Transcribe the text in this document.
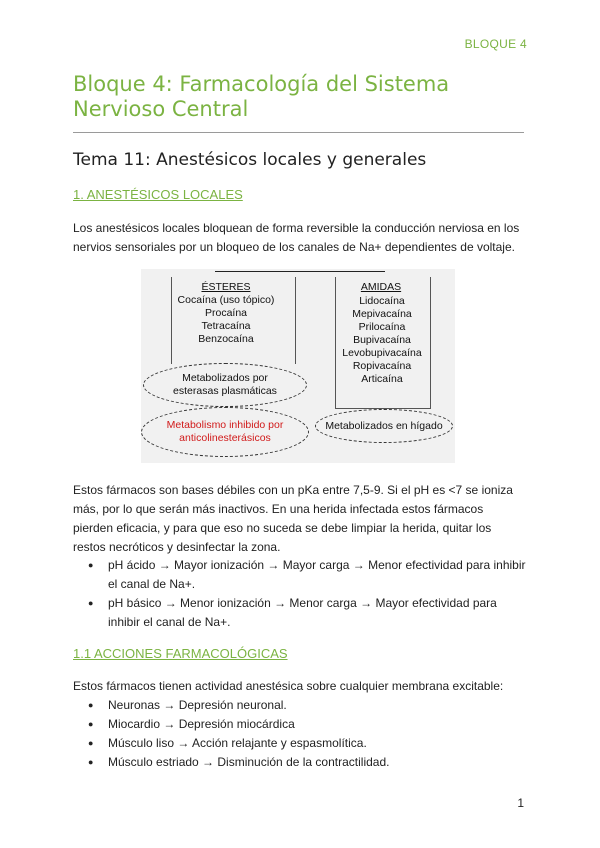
BLOQUE 4
Bloque 4: Farmacología del Sistema Nervioso Central
Tema 11: Anestésicos locales y generales
1. ANESTÉSICOS LOCALES

Los anestésicos locales bloquean de forma reversible la conducción nerviosa en los nervios sensoriales por un bloqueo de los canales de Na+ dependientes de voltaje.

ÉSTERES
Cocaína (uso tópico)
Procaína
Tetracaína
Benzocaína
AMIDAS
Lidocaína
Mepivacaína
Prilocaína
Bupivacaína
Levobupivacaína
Ropivacaína
Articaína
Metabolizados por esterasas plasmáticas
Metabolismo inhibido por anticolinesterásicos
Metabolizados en hígado

Estos fármacos son bases débiles con un pKa entre 7,5-9. Si el pH es <7 se ioniza más, por lo que serán más inactivos. En una herida infectada estos fármacos pierden eficacia, y para que eso no suceda se debe limpiar la herida, quitar los restos necróticos y desinfectar la zona.

● pH ácido → Mayor ionización → Mayor carga → Menor efectividad para inhibir el canal de Na+.
● pH básico → Menor ionización → Menor carga → Mayor efectividad para inhibir el canal de Na+.
1.1 ACCIONES FARMACOLÓGICAS

Estos fármacos tienen actividad anestésica sobre cualquier membrana excitable:

● Neuronas → Depresión neuronal.
● Miocardio → Depresión miocárdica
● Músculo liso → Acción relajante y espasmolítica.
● Músculo estriado → Disminución de la contractilidad.
1
